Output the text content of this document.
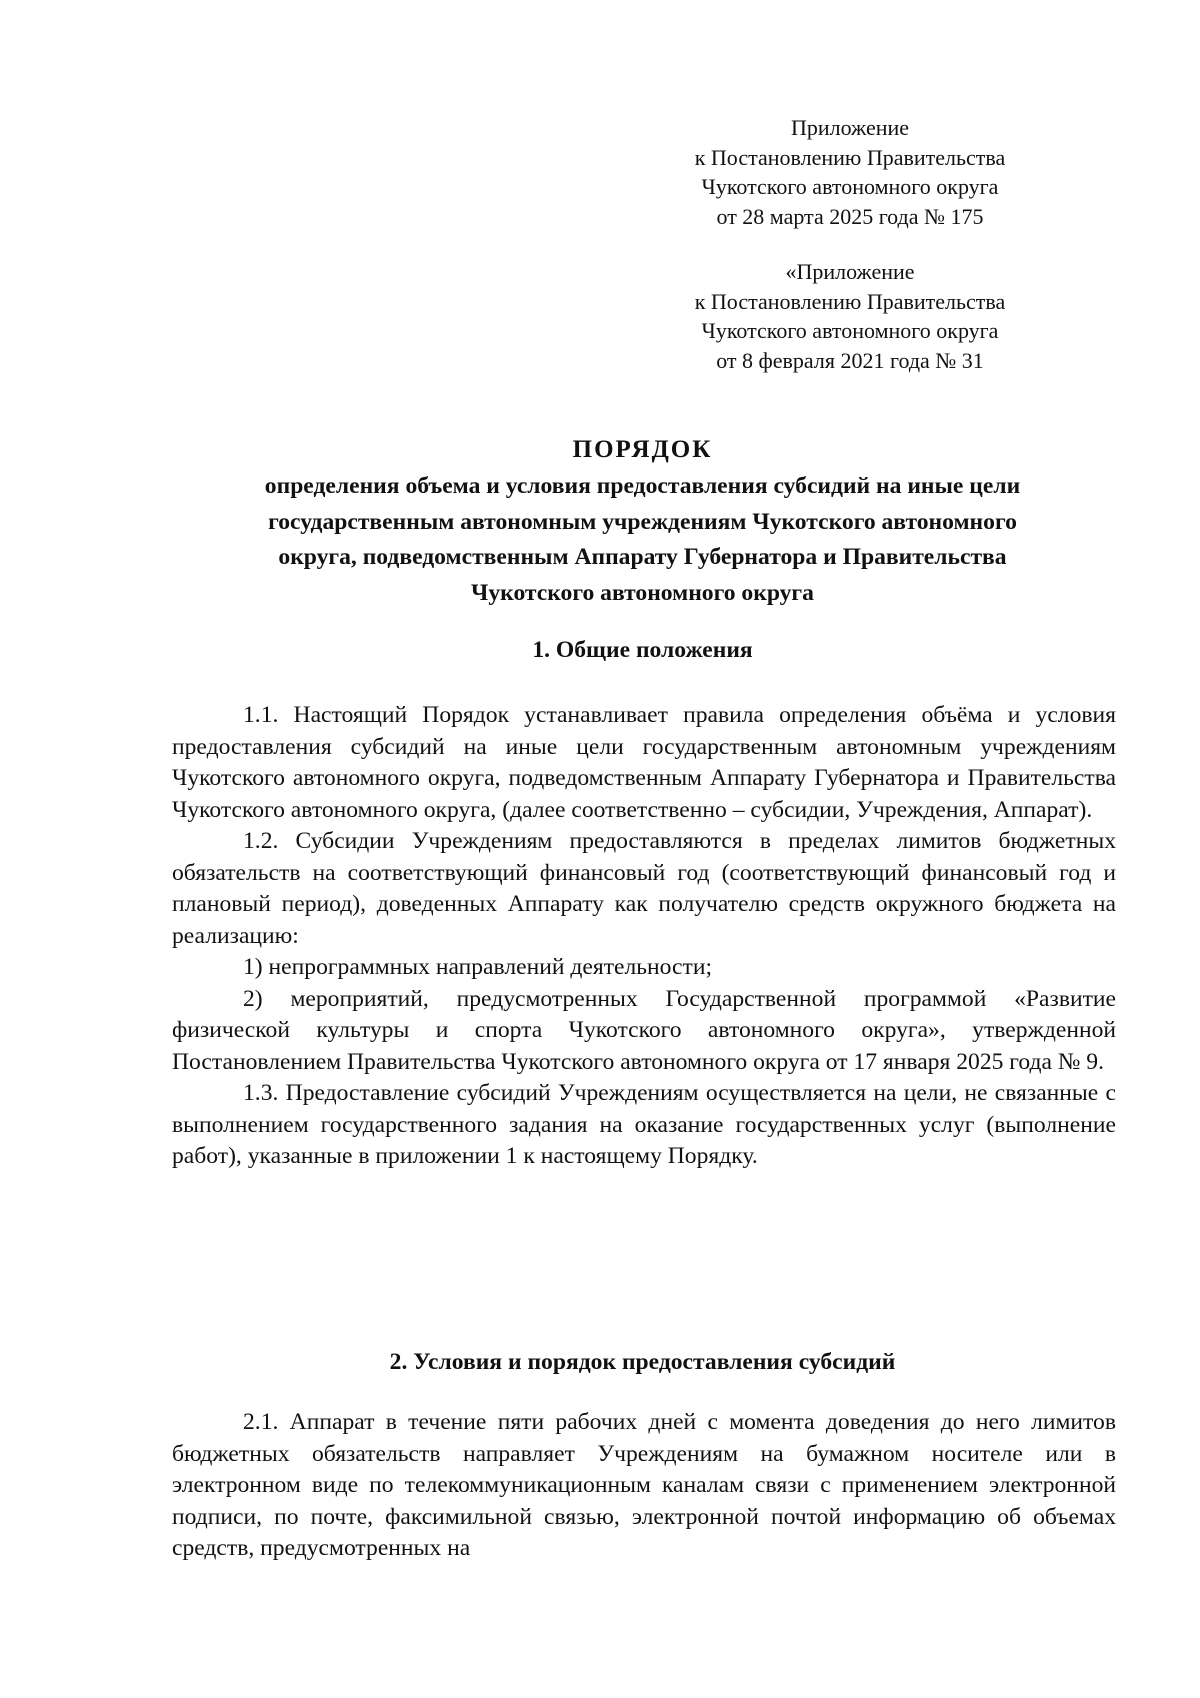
Приложение
к Постановлению Правительства
Чукотского автономного округа
от 28 марта 2025 года № 175
«Приложение
к Постановлению Правительства
Чукотского автономного округа
от 8 февраля 2021 года № 31
ПОРЯДОК
определения объема и условия предоставления субсидий на иные цели
государственным автономным учреждениям Чукотского автономного
округа, подведомственным Аппарату Губернатора и Правительства
Чукотского автономного округа
1. Общие положения

1.1. Настоящий Порядок устанавливает правила определения объёма и условия предоставления субсидий на иные цели государственным автономным учреждениям Чукотского автономного округа, подведомственным Аппарату Губернатора и Правительства Чукотского автономного округа, (далее соответственно – субсидии, Учреждения, Аппарат).

1.2. Субсидии Учреждениям предоставляются в пределах лимитов бюджетных обязательств на соответствующий финансовый год (соответствующий финансовый год и плановый период), доведенных Аппарату как получателю средств окружного бюджета на реализацию:

1) непрограммных направлений деятельности;

2) мероприятий, предусмотренных Государственной программой «Развитие физической культуры и спорта Чукотского автономного округа», утвержденной Постановлением Правительства Чукотского автономного округа от 17 января 2025 года № 9.

1.3. Предоставление субсидий Учреждениям осуществляется на цели, не связанные с выполнением государственного задания на оказание государственных услуг (выполнение работ), указанные в приложении 1 к настоящему Порядку.

2. Условия и порядок предоставления субсидий

2.1. Аппарат в течение пяти рабочих дней с момента доведения до него лимитов бюджетных обязательств направляет Учреждениям на бумажном носителе или в электронном виде по телекоммуникационным каналам связи с применением электронной подписи, по почте, факсимильной связью, электронной почтой информацию об объемах средств, предусмотренных на
